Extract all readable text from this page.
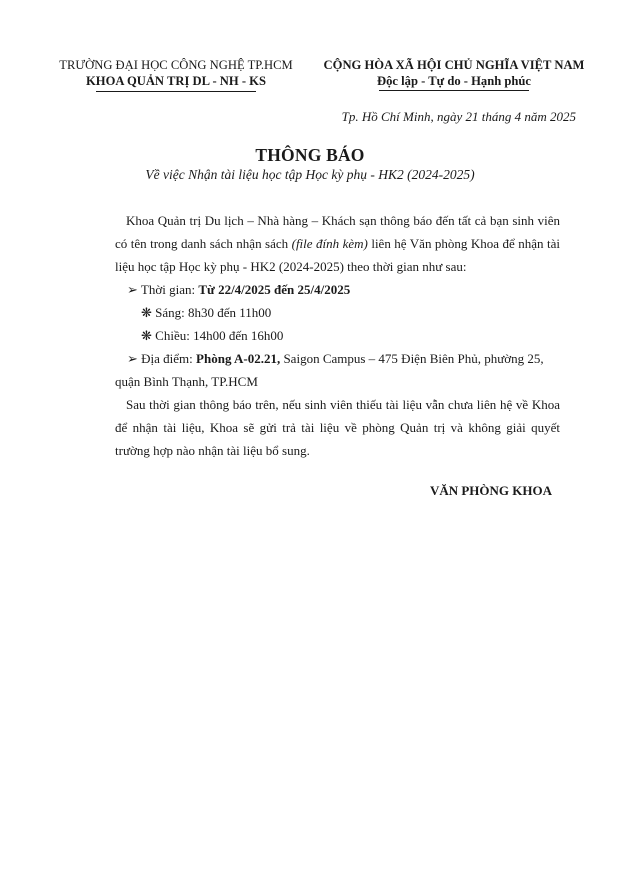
TRƯỜNG ĐẠI HỌC CÔNG NGHỆ TP.HCM
KHOA QUẢN TRỊ DL - NH - KS
CỘNG HÒA XÃ HỘI CHỦ NGHĨA VIỆT NAM
Độc lập - Tự do - Hạnh phúc
Tp. Hồ Chí Minh, ngày 21 tháng 4 năm 2025
THÔNG BÁO
Về việc Nhận tài liệu học tập Học kỳ phụ - HK2 (2024-2025)

Khoa Quản trị Du lịch – Nhà hàng – Khách sạn thông báo đến tất cả bạn sinh viên có tên trong danh sách nhận sách (file đính kèm) liên hệ Văn phòng Khoa để nhận tài liệu học tập Học kỳ phụ - HK2 (2024-2025) theo thời gian như sau:

➢ Thời gian: Từ 22/4/2025 đến 25/4/2025

❋ Sáng: 8h30 đến 11h00

❋ Chiều: 14h00 đến 16h00

➢ Địa điểm: Phòng A-02.21, Saigon Campus – 475 Điện Biên Phủ, phường 25,

quận Bình Thạnh, TP.HCM

Sau thời gian thông báo trên, nếu sinh viên thiếu tài liệu vẫn chưa liên hệ về Khoa để nhận tài liệu, Khoa sẽ gửi trả tài liệu về phòng Quản trị và không giải quyết trường hợp nào nhận tài liệu bổ sung.

VĂN PHÒNG KHOA
